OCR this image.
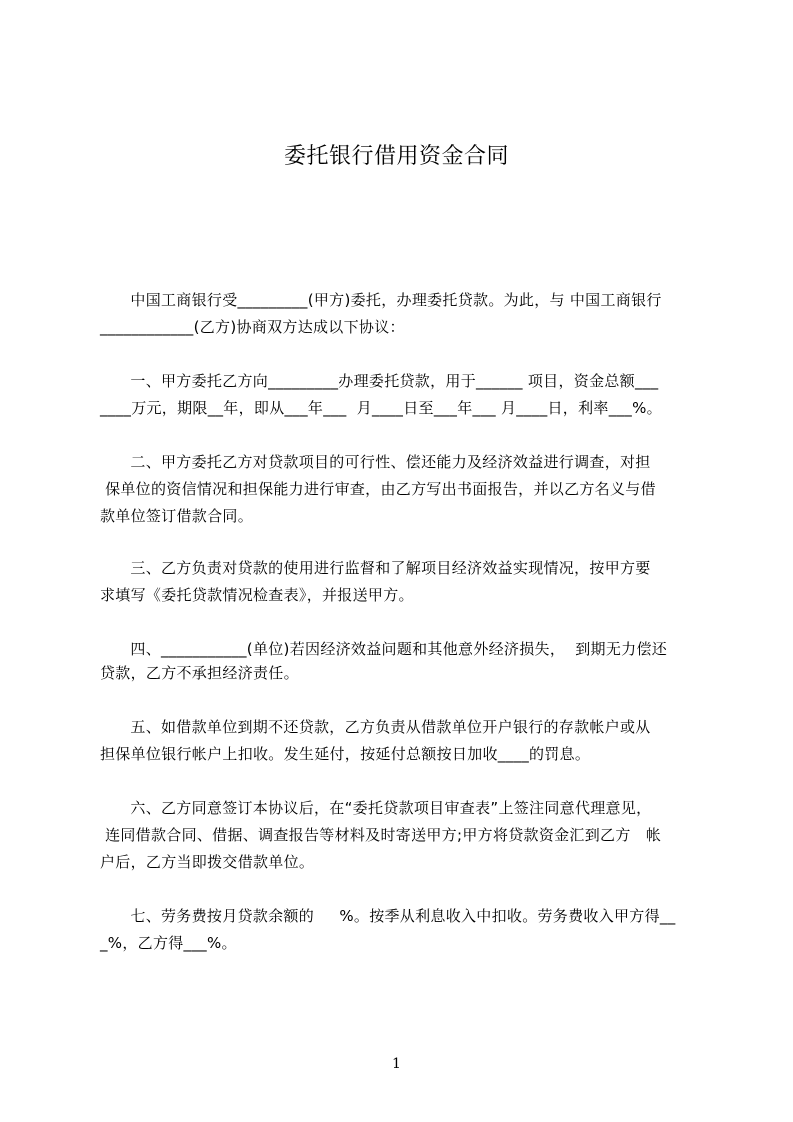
委托银行借用资金合同
中国工商银行受_________(甲方)委托，办理委托贷款。为此，与 中国工商银行
____________(乙方)协商双方达成以下协议：
一、甲方委托乙方向_________办理委托贷款，用于______ 项目，资金总额___
____万元，期限__年，即从___年___  月____日至___年___ 月____日，利率___%。
二、甲方委托乙方对贷款项目的可行性、偿还能力及经济效益进行调查，对担
保单位的资信情况和担保能力进行审查，由乙方写出书面报告，并以乙方名义与借
款单位签订借款合同。
三、乙方负责对贷款的使用进行监督和了解项目经济效益实现情况，按甲方要
求填写《委托贷款情况检查表》，并报送甲方。
四、___________(单位)若因经济效益问题和其他意外经济损失，  到期无力偿还
贷款，乙方不承担经济责任。
五、如借款单位到期不还贷款，乙方负责从借款单位开户银行的存款帐户或从
担保单位银行帐户上扣收。发生延付，按延付总额按日加收____的罚息。
六、乙方同意签订本协议后，在“委托贷款项目审查表”上签注同意代理意见，
连同借款合同、借据、调查报告等材料及时寄送甲方;甲方将贷款资金汇到乙方   帐
户后，乙方当即拨交借款单位。
七、劳务费按月贷款余额的     %。按季从利息收入中扣收。劳务费收入甲方得__
_%，乙方得___%。
1
